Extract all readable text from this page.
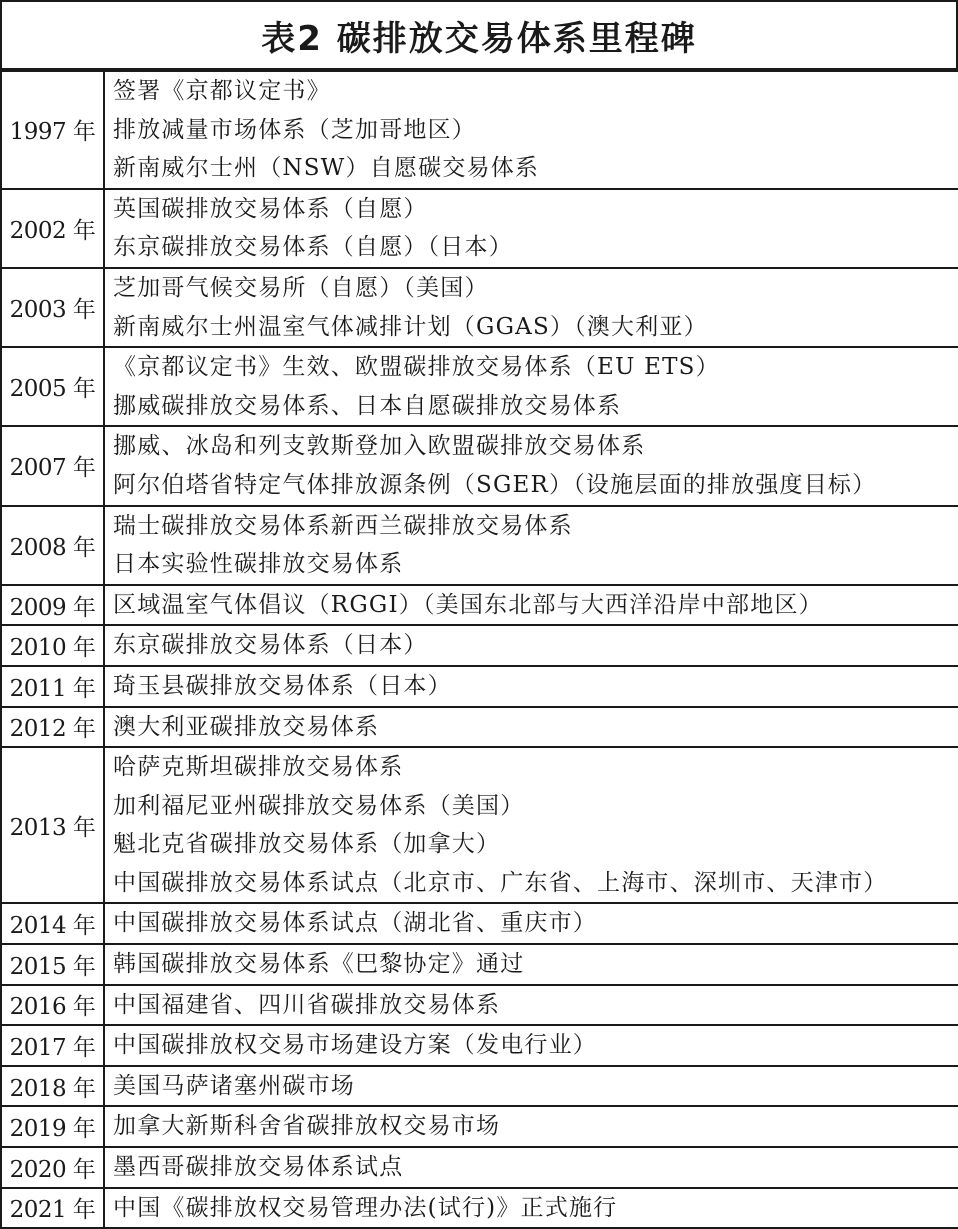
表2 碳排放交易体系里程碑
1997 年	签署《京都议定书》
排放减量市场体系（芝加哥地区）
新南威尔士州（NSW）自愿碳交易体系

2002 年	英国碳排放交易体系（自愿）
东京碳排放交易体系（自愿）（日本）

2003 年	芝加哥气候交易所（自愿）（美国）
新南威尔士州温室气体减排计划（GGAS）（澳大利亚）

2005 年	《京都议定书》生效、欧盟碳排放交易体系（EU ETS）
挪威碳排放交易体系、日本自愿碳排放交易体系

2007 年	挪威、冰岛和列支敦斯登加入欧盟碳排放交易体系
阿尔伯塔省特定气体排放源条例（SGER）（设施层面的排放强度目标）

2008 年	瑞士碳排放交易体系新西兰碳排放交易体系
日本实验性碳排放交易体系

2009 年	区域温室气体倡议（RGGI）（美国东北部与大西洋沿岸中部地区）

2010 年	东京碳排放交易体系（日本）

2011 年	琦玉县碳排放交易体系（日本）

2012 年	澳大利亚碳排放交易体系

2013 年	哈萨克斯坦碳排放交易体系
加利福尼亚州碳排放交易体系（美国）
魁北克省碳排放交易体系（加拿大）
中国碳排放交易体系试点（北京市、广东省、上海市、深圳市、天津市）

2014 年	中国碳排放交易体系试点（湖北省、重庆市）

2015 年	韩国碳排放交易体系《巴黎协定》通过

2016 年	中国福建省、四川省碳排放交易体系

2017 年	中国碳排放权交易市场建设方案（发电行业）

2018 年	美国马萨诸塞州碳市场

2019 年	加拿大新斯科舍省碳排放权交易市场

2020 年	墨西哥碳排放交易体系试点

2021 年	中国《碳排放权交易管理办法(试行)》正式施行
